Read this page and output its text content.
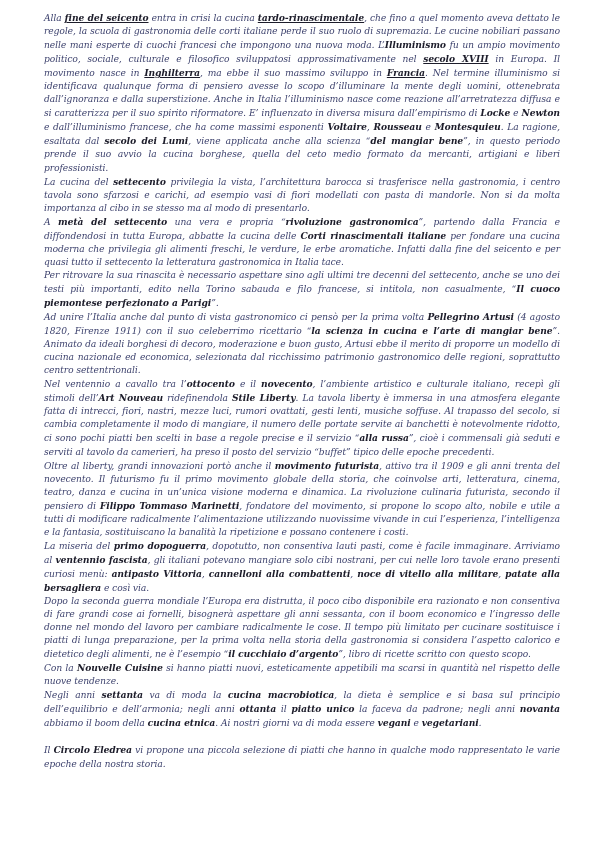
Alla fine del seicento entra in crisi la cucina tardo-rinascimentale, che fino a quel momento aveva dettato le regole, la scuola di gastronomia delle corti italiane perde il suo ruolo di supremazia. Le cucine nobiliari passano nelle mani esperte di cuochi francesi che impongono una nuova moda. L’Illuminismo fu un ampio movimento politico, sociale, culturale e filosofico sviluppatosi approssimativamente nel secolo XVIII in Europa. Il movimento nasce in Inghilterra, ma ebbe il suo massimo sviluppo in Francia. Nel termine illuminismo si identificava qualunque forma di pensiero avesse lo scopo d’illuminare la mente degli uomini, ottenebrata dall’ignoranza e dalla superstizione. Anche in Italia l’illuminismo nasce come reazione all’arretratezza diffusa e si caratterizza per il suo spirito riformatore. E’ influenzato in diversa misura dall’empirismo di Locke e Newton e dall’illuminismo francese, che ha come massimi esponenti Voltaire, Rousseau e Montesquieu. La ragione, esaltata dal secolo dei Lumi, viene applicata anche alla scienza “del mangiar bene”, in questo periodo prende il suo avvio la cucina borghese, quella del ceto medio formato da mercanti, artigiani e liberi professionisti.

La cucina del settecento privilegia la vista, l’architettura barocca si trasferisce nella gastronomia, i centro tavola sono sfarzosi e carichi, ad esempio vasi di fiori modellati con pasta di mandorle. Non si da molta importanza al cibo in se stesso ma al modo di presentarlo.

A metà del settecento una vera e propria “rivoluzione gastronomica”, partendo dalla Francia e diffondendosi in tutta Europa, abbatte la cucina delle Corti rinascimentali italiane per fondare una cucina moderna che privilegia gli alimenti freschi, le verdure, le erbe aromatiche. Infatti dalla fine del seicento e per quasi tutto il settecento la letteratura gastronomica in Italia tace.

Per ritrovare la sua rinascita è necessario aspettare sino agli ultimi tre decenni del settecento, anche se uno dei testi più importanti, edito nella Torino sabauda e filo francese, si intitola, non casualmente, “Il cuoco piemontese perfezionato a Parigi”.

Ad unire l’Italia anche dal punto di vista gastronomico ci pensò per la prima volta Pellegrino Artusi (4 agosto 1820, Firenze 1911) con il suo celeberrimo ricettario “la scienza in cucina e l’arte di mangiar bene”. Animato da ideali borghesi di decoro, moderazione e buon gusto, Artusi ebbe il merito di proporre un modello di cucina nazionale ed economica, selezionata dal ricchissimo patrimonio gastronomico delle regioni, soprattutto centro settentrionali.

Nel ventennio a cavallo tra l’ottocento e il novecento, l’ambiente artistico e culturale italiano, recepì gli stimoli dell’Art Nouveau ridefinendola Stile Liberty. La tavola liberty è immersa in una atmosfera elegante fatta di intrecci, fiori, nastri, mezze luci, rumori ovattati, gesti lenti, musiche soffuse. Al trapasso del secolo, si cambia completamente il modo di mangiare, il numero delle portate servite ai banchetti è notevolmente ridotto, ci sono pochi piatti ben scelti in base a regole precise e il servizio “alla russa”, cioè i commensali già seduti e serviti al tavolo da camerieri, ha preso il posto del servizio “buffet” tipico delle epoche precedenti.

Oltre al liberty, grandi innovazioni portò anche il movimento futurista, attivo tra il 1909 e gli anni trenta del novecento. Il futurismo fu il primo movimento globale della storia, che coinvolse arti, letteratura, cinema, teatro, danza e cucina in un’unica visione moderna e dinamica. La rivoluzione culinaria futurista, secondo il pensiero di Filippo Tommaso Marinetti, fondatore del movimento, si propone lo scopo alto, nobile e utile a tutti di modificare radicalmente l’alimentazione utilizzando nuovissime vivande in cui l’esperienza, l’intelligenza e la fantasia, sostituiscano la banalità la ripetizione e possano contenere i costi.

La miseria del primo dopoguerra, dopotutto, non consentiva lauti pasti, come è facile immaginare. Arriviamo al ventennio fascista, gli italiani potevano mangiare solo cibi nostrani, per cui nelle loro tavole erano presenti curiosi menù: antipasto Vittoria, cannelloni alla combattenti, noce di vitello alla militare, patate alla bersagliera e così via.

Dopo la seconda guerra mondiale l’Europa era distrutta, il poco cibo disponibile era razionato e non consentiva di fare grandi cose ai fornelli, bisognerà aspettare gli anni sessanta, con il boom economico e l’ingresso delle donne nel mondo del lavoro per cambiare radicalmente le cose. Il tempo più limitato per cucinare sostituisce i piatti di lunga preparazione, per la prima volta nella storia della gastronomia si considera l’aspetto calorico e dietetico degli alimenti, ne è l’esempio “il cucchiaio d’argento”, libro di ricette scritto con questo scopo.

Con la Nouvelle Cuisine si hanno piatti nuovi, esteticamente appetibili ma scarsi in quantità nel rispetto delle nuove tendenze.

Negli anni settanta va di moda la cucina macrobiotica, la dieta è semplice e si basa sul principio dell’equilibrio e dell’armonia; negli anni ottanta il piatto unico la faceva da padrone; negli anni novanta abbiamo il boom della cucina etnica. Ai nostri giorni va di moda essere vegani e vegetariani.

Il Circolo Eledrea vi propone una piccola selezione di piatti che hanno in qualche modo rappresentato le varie epoche della nostra storia.
